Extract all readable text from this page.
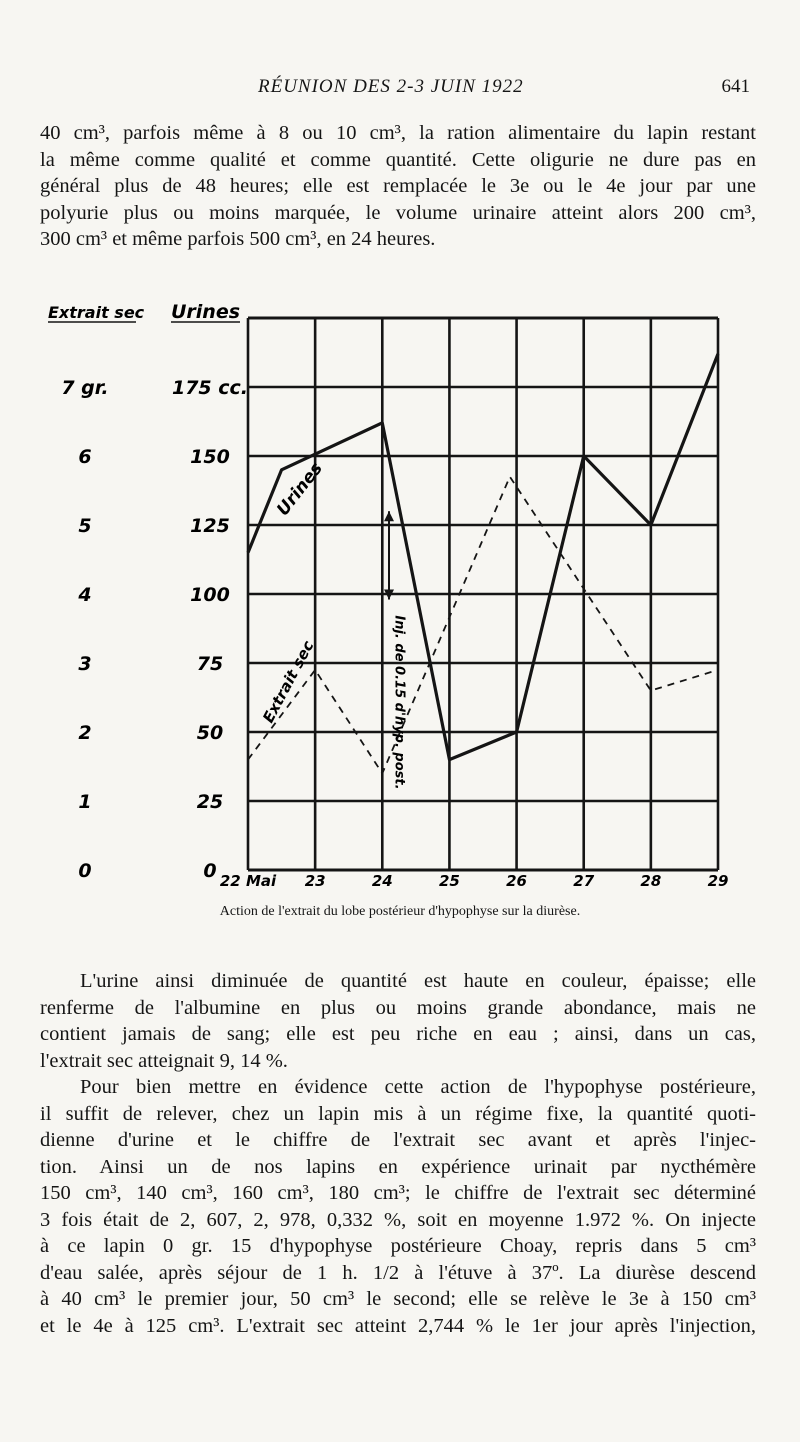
RÉUNION DES 2-3 JUIN 1922	641
40 cm³, parfois même à 8 ou 10 cm³, la ration alimentaire du lapin restant
la même comme qualité et comme quantité. Cette oligurie ne dure pas en
général plus de 48 heures; elle est remplacée le 3e ou le 4e jour par une
polyurie plus ou moins marquée, le volume urinaire atteint alors 200 cm³,
300 cm³ et même parfois 500 cm³, en 24 heures.
Extrait sec Urines
0
1
2
3
4
5
6
7 gr.
0
25
50
75
100
125
150
175 cc.
22 Mai 23	24	25	26	27	28	29
Urines
Extrait sec	Inj. de 0.15 d'hyp. post.
Action de l'extrait du lobe postérieur d'hypophyse sur la diurèse.
L'urine ainsi diminuée de quantité est haute en couleur, épaisse; elle
renferme de l'albumine en plus ou moins grande abondance, mais ne
contient jamais de sang; elle est peu riche en eau ; ainsi, dans un cas,
l'extrait sec atteignait 9, 14 %.
Pour bien mettre en évidence cette action de l'hypophyse postérieure,
il suffit de relever, chez un lapin mis à un régime fixe, la quantité quoti-
dienne d'urine et le chiffre de l'extrait sec avant et après l'injec-
tion. Ainsi un de nos lapins en expérience urinait par nycthémère
150 cm³, 140 cm³, 160 cm³, 180 cm³; le chiffre de l'extrait sec déterminé
3 fois était de 2, 607, 2, 978, 0,332 %, soit en moyenne 1.972 %. On injecte
à ce lapin 0 gr. 15 d'hypophyse postérieure Choay, repris dans 5 cm³
d'eau salée, après séjour de 1 h. 1/2 à l'étuve à 37º. La diurèse descend
à 40 cm³ le premier jour, 50 cm³ le second; elle se relève le 3e à 150 cm³
et le 4e à 125 cm³. L'extrait sec atteint 2,744 % le 1er jour après l'injection,
